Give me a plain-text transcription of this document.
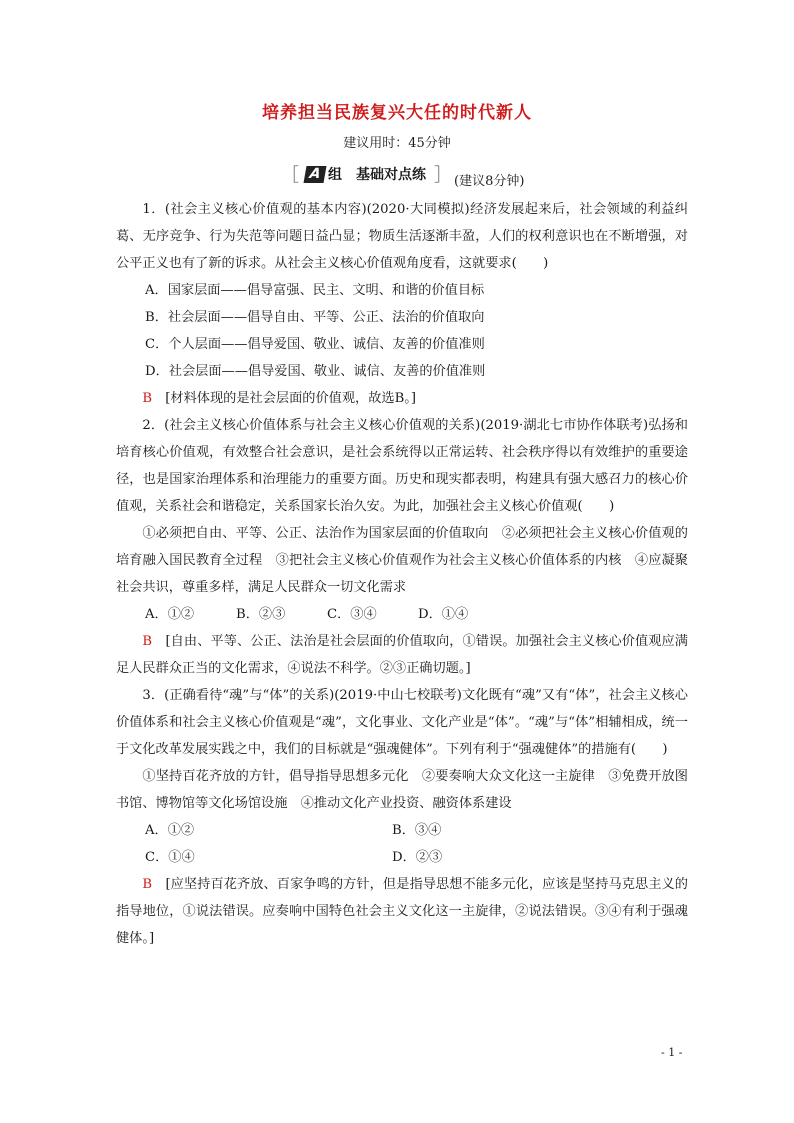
培养担当民族复兴大任的时代新人
建议用时：45分钟
［ A 组　基础对点练 ］ (建议8分钟)

1．(社会主义核心价值观的基本内容)(2020·大同模拟)经济发展起来后，社会领域的利益纠葛、无序竞争、行为失范等问题日益凸显；物质生活逐渐丰盈，人们的权利意识也在不断增强，对公平正义也有了新的诉求。从社会主义核心价值观角度看，这就要求(　　)

A．国家层面——倡导富强、民主、文明、和谐的价值目标

B．社会层面——倡导自由、平等、公正、法治的价值取向

C．个人层面——倡导爱国、敬业、诚信、友善的价值准则

D．社会层面——倡导爱国、敬业、诚信、友善的价值准则

B　[材料体现的是社会层面的价值观，故选B。]

2．(社会主义核心价值体系与社会主义核心价值观的关系)(2019·湖北七市协作体联考)弘扬和培育核心价值观，有效整合社会意识，是社会系统得以正常运转、社会秩序得以有效维护的重要途径，也是国家治理体系和治理能力的重要方面。历史和现实都表明，构建具有强大感召力的核心价值观，关系社会和谐稳定，关系国家长治久安。为此，加强社会主义核心价值观(　　)

①必须把自由、平等、公正、法治作为国家层面的价值取向　②必须把社会主义核心价值观的培育融入国民教育全过程　③把社会主义核心价值观作为社会主义核心价值体系的内核　④应凝聚社会共识，尊重多样，满足人民群众一切文化需求

A．①②	B．②③	C．③④	D．①④

B　[自由、平等、公正、法治是社会层面的价值取向，①错误。加强社会主义核心价值观应满足人民群众正当的文化需求，④说法不科学。②③正确切题。]

3．(正确看待“魂”与“体”的关系)(2019·中山七校联考)文化既有“魂”又有“体”，社会主义核心价值体系和社会主义核心价值观是“魂”，文化事业、文化产业是“体”。“魂”与“体”相辅相成，统一于文化改革发展实践之中，我们的目标就是“强魂健体”。下列有利于“强魂健体”的措施有(　　)

①坚持百花齐放的方针，倡导指导思想多元化　②要奏响大众文化这一主旋律　③免费开放图书馆、博物馆等文化场馆设施　④推动文化产业投资、融资体系建设

A．①②	B．③④
C．①④	D．②③

B　[应坚持百花齐放、百家争鸣的方针，但是指导思想不能多元化，应该是坚持马克思主义的指导地位，①说法错误。应奏响中国特色社会主义文化这一主旋律，②说法错误。③④有利于强魂健体。]

- 1 -
